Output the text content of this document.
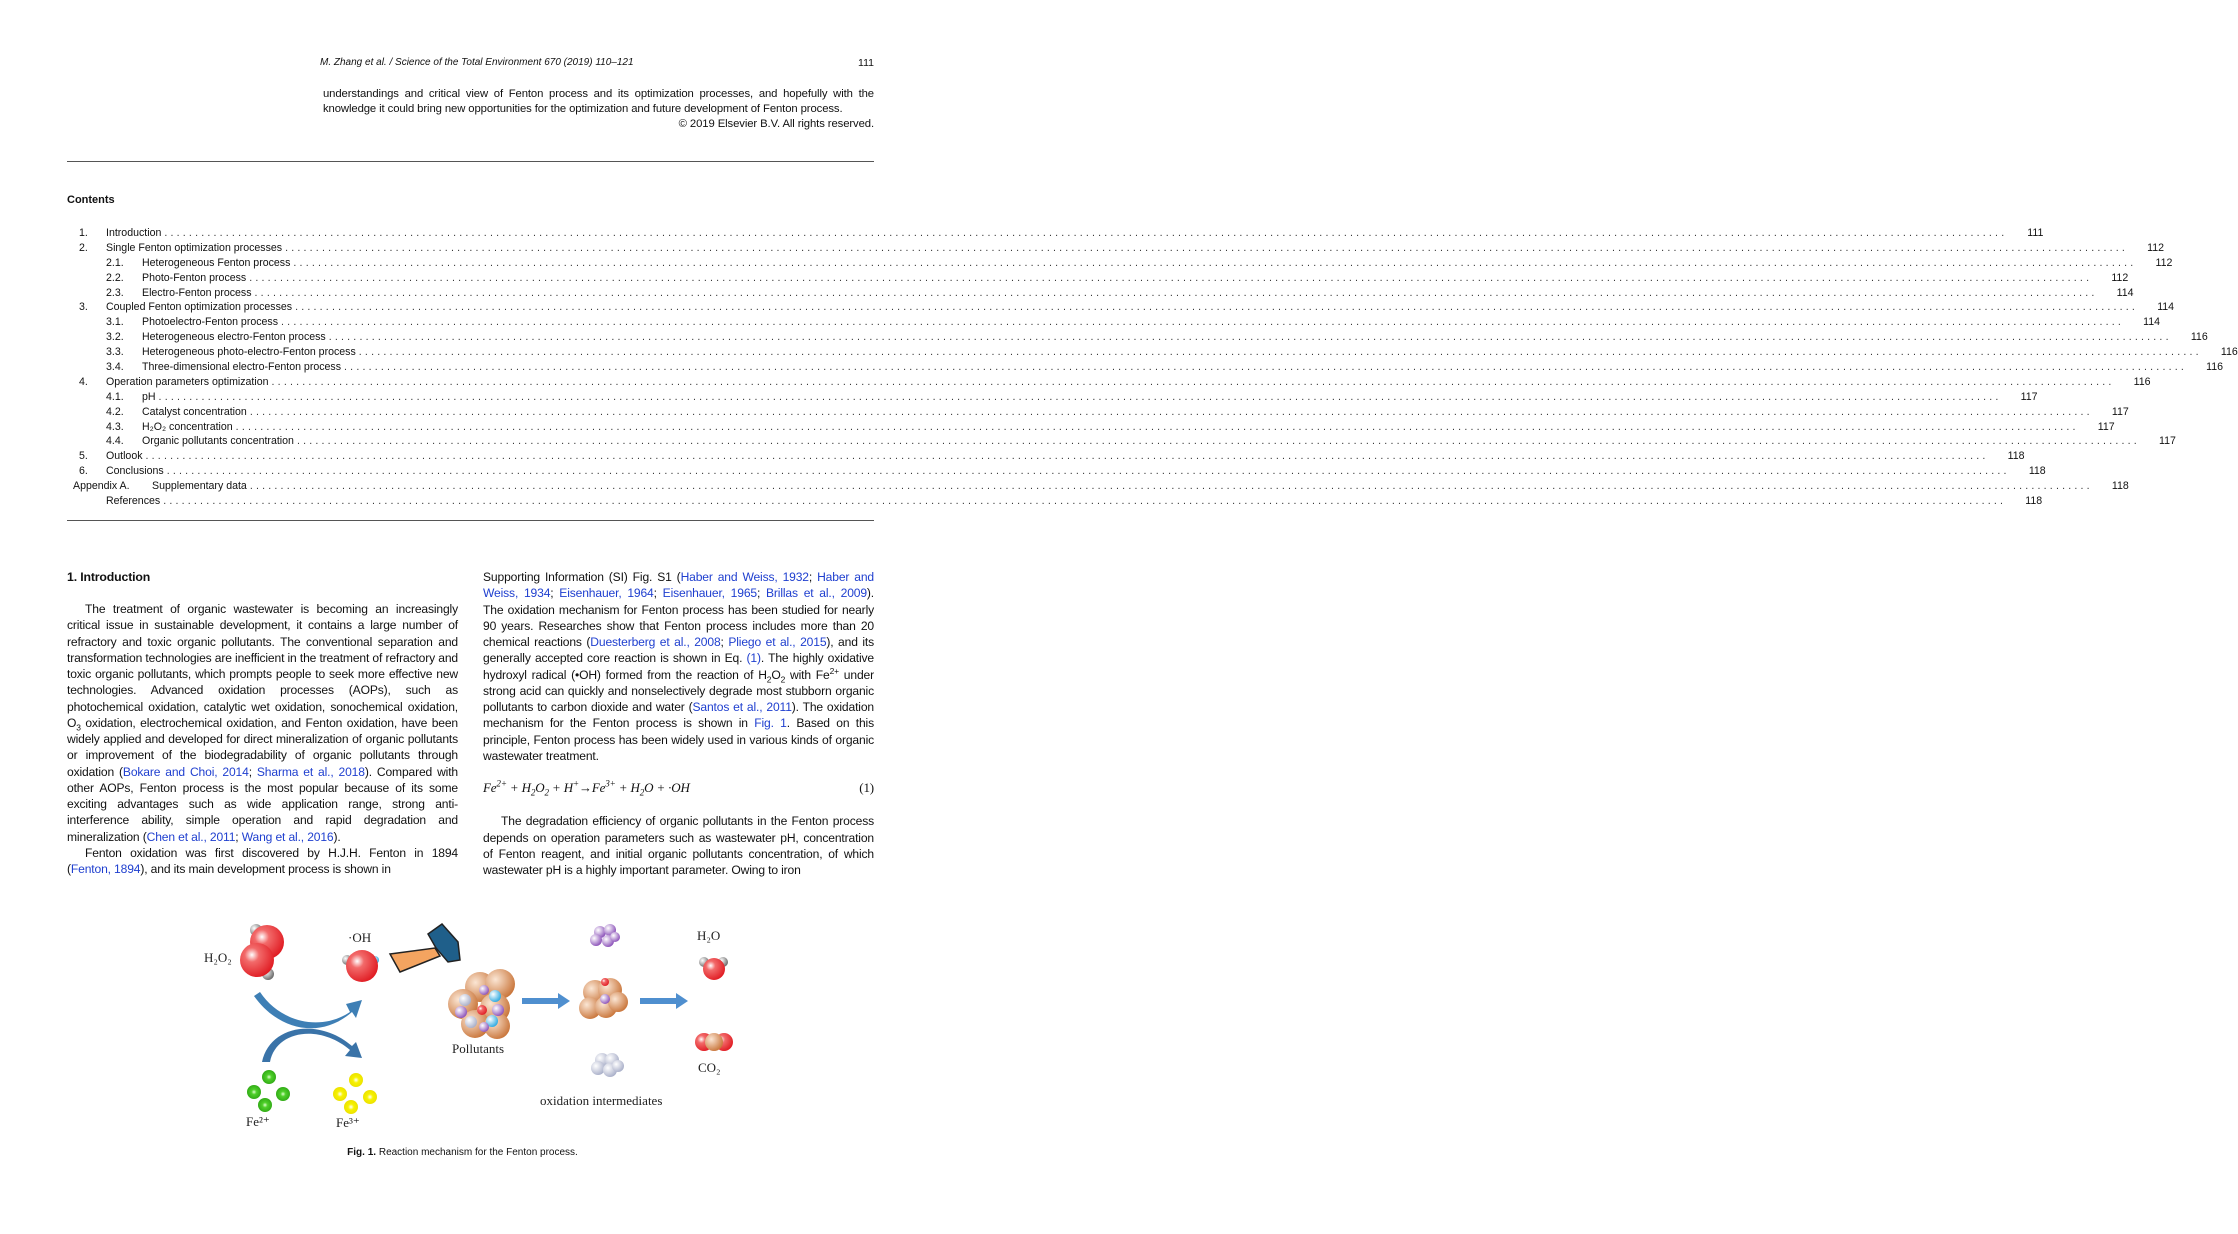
M. Zhang et al. / Science of the Total Environment 670 (2019) 110–121	111

understandings and critical view of Fenton process and its optimization processes, and hopefully with the knowledge it could bring new opportunities for the optimization and future development of Fenton process.

© 2019 Elsevier B.V. All rights reserved.

Contents
1.	Introduction ............................................................................................................................................................................................................................................................................................................	111
2.	Single Fenton optimization processes ............................................................................................................................................................................................................................................................................................................	112
2.1.	Heterogeneous Fenton process ............................................................................................................................................................................................................................................................................................................	112
2.2.	Photo-Fenton process ............................................................................................................................................................................................................................................................................................................	112
2.3.	Electro-Fenton process ............................................................................................................................................................................................................................................................................................................	114
3.	Coupled Fenton optimization processes ............................................................................................................................................................................................................................................................................................................	114
3.1.	Photoelectro-Fenton process ............................................................................................................................................................................................................................................................................................................	114
3.2.	Heterogeneous electro-Fenton process ............................................................................................................................................................................................................................................................................................................	116
3.3.	Heterogeneous photo-electro-Fenton process ............................................................................................................................................................................................................................................................................................................	116
3.4.	Three-dimensional electro-Fenton process ............................................................................................................................................................................................................................................................................................................	116
4.	Operation parameters optimization ............................................................................................................................................................................................................................................................................................................	116
4.1.	pH ............................................................................................................................................................................................................................................................................................................	117
4.2.	Catalyst concentration ............................................................................................................................................................................................................................................................................................................	117
4.3.	H₂O₂ concentration ............................................................................................................................................................................................................................................................................................................	117
4.4.	Organic pollutants concentration ............................................................................................................................................................................................................................................................................................................	117
5.	Outlook ............................................................................................................................................................................................................................................................................................................	118
6.	Conclusions ............................................................................................................................................................................................................................................................................................................	118
Appendix A.	Supplementary data ............................................................................................................................................................................................................................................................................................................	118
References ............................................................................................................................................................................................................................................................................................................	118
1. Introduction

The treatment of organic wastewater is becoming an increasingly critical issue in sustainable development, it contains a large number of refractory and toxic organic pollutants. The conventional separation and transformation technologies are inefficient in the treatment of refractory and toxic organic pollutants, which prompts people to seek more effective new technologies. Advanced oxidation processes (AOPs), such as photochemical oxidation, catalytic wet oxidation, sonochemical oxidation, $O_3$ oxidation, electrochemical oxidation, and Fenton oxidation, have been widely applied and developed for direct mineralization of organic pollutants or improvement of the biodegradability of organic pollutants through oxidation (Bokare and Choi, 2014; Sharma et al., 2018). Compared with other AOPs, Fenton process is the most popular because of its some exciting advantages such as wide application range, strong anti-interference ability, simple operation and rapid degradation and mineralization (Chen et al., 2011; Wang et al., 2016).

Fenton oxidation was first discovered by H.J.H. Fenton in 1894 (Fenton, 1894), and its main development process is shown in

Supporting Information (SI) Fig. S1 (Haber and Weiss, 1932; Haber and Weiss, 1934; Eisenhauer, 1964; Eisenhauer, 1965; Brillas et al., 2009). The oxidation mechanism for Fenton process has been studied for nearly 90 years. Researches show that Fenton process includes more than 20 chemical reactions (Duesterberg et al., 2008; Pliego et al., 2015), and its generally accepted core reaction is shown in Eq. (1). The highly oxidative hydroxyl radical (•OH) formed from the reaction of $H_2O_2$ with $Fe^{2+}$ under strong acid can quickly and nonselectively degrade most stubborn organic pollutants to carbon dioxide and water (Santos et al., 2011). The oxidation mechanism for the Fenton process is shown in Fig. 1. Based on this principle, Fenton process has been widely used in various kinds of organic wastewater treatment.

$Fe^{2+} + H_2O_2 + H^+\to Fe^{3+} + H_2O + \cdot OH$	(1)

The degradation efficiency of organic pollutants in the Fenton process depends on operation parameters such as wastewater pH, concentration of Fenton reagent, and initial organic pollutants concentration, of which wastewater pH is a highly important parameter. Owing to iron

H₂O₂
·OH
Fe²⁺	Fe³⁺
Pollutants
oxidation intermediates
H₂O
CO₂
Fig. 1. Reaction mechanism for the Fenton process.
